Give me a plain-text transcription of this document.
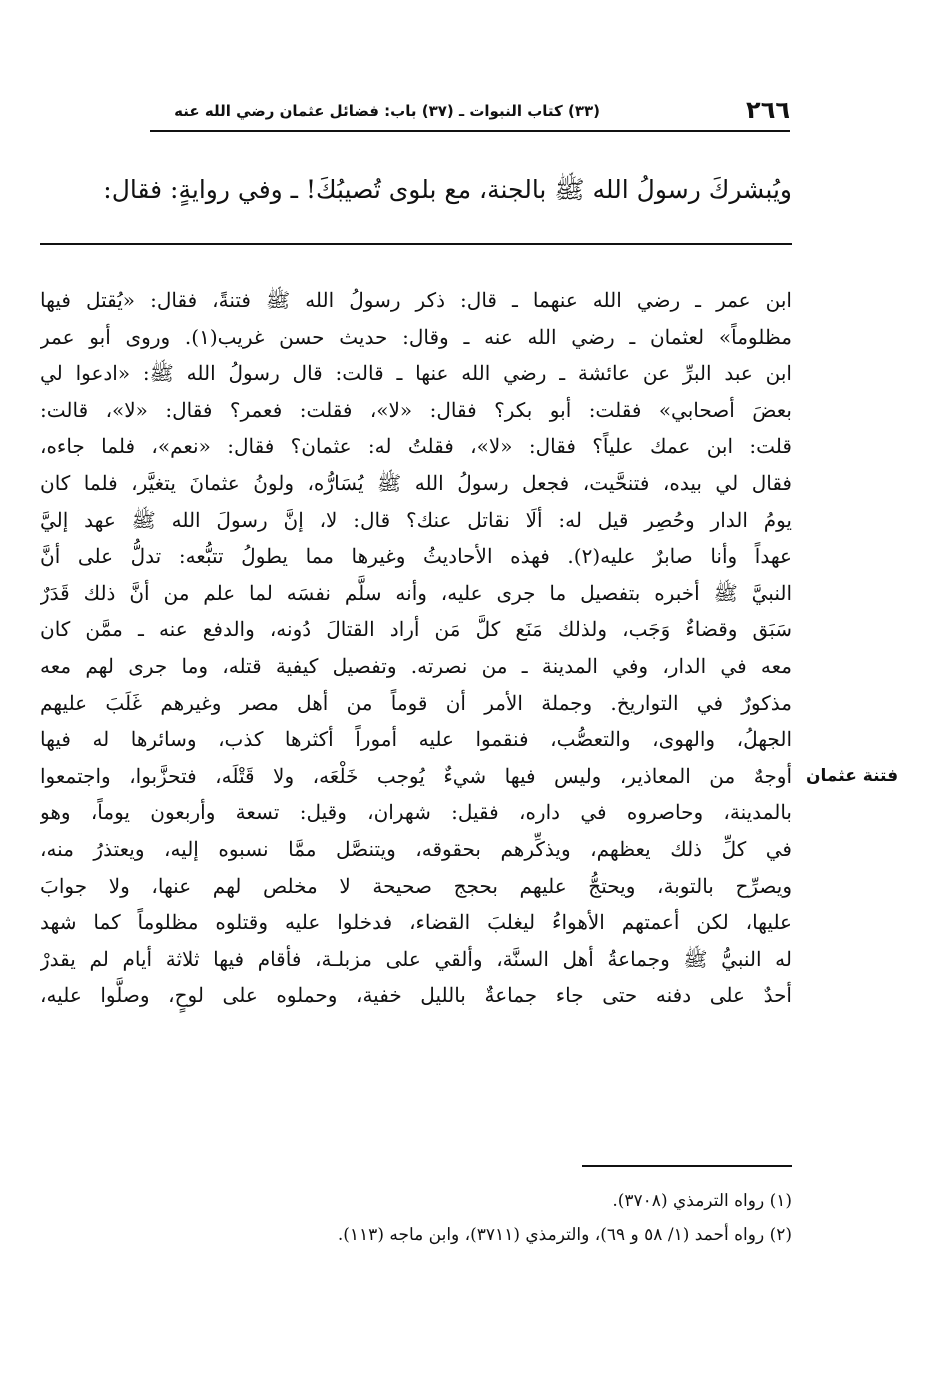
٢٦٦
(٣٣) كتاب النبوات ـ (٣٧) باب: فضائل عثمان رضي الله عنه
ويُبشركَ رسولُ الله ﷺ بالجنة، مع بلوى تُصيبُكَ! ـ وفي روايةٍ: فقال:
ابن عمر ـ رضي الله عنهما ـ قال: ذكر رسولُ الله ﷺ فتنةً، فقال: «يُقتل فيها
مظلوماً» لعثمان ـ رضي الله عنه ـ وقال: حديث حسن غريب(١). وروى أبو عمر
ابن عبد البرِّ عن عائشة ـ رضي الله عنها ـ قالت: قال رسولُ الله ﷺ: «ادعوا لي
بعضَ أصحابي» فقلت: أبو بكر؟ فقال: «لا»، فقلت: فعمر؟ فقال: «لا»، قالت:
قلت: ابن عمك علياً؟ فقال: «لا»، فقلتُ له: عثمان؟ فقال: «نعم»، فلما جاءه،
فقال لي بيده، فتنحَّيت، فجعل رسولُ الله ﷺ يُسَارُّه، ولونُ عثمانَ يتغيَّر، فلما كان
يومُ الدار وحُصِر قيل له: ألَا نقاتل عنك؟ قال: لا، إنَّ رسولَ الله ﷺ عهد إليَّ
عهداً وأنا صابرٌ عليه(٢). فهذه الأحاديثُ وغيرها مما يطولُ تتبُّعه: تدلُّ على أنَّ
النبيَّ ﷺ أخبره بتفصيل ما جرى عليه، وأنه سلَّم نفسَه لما علم من أنَّ ذلك قَدَرٌ
سَبَق وقضاءٌ وَجَب، ولذلك مَنَع كلَّ مَن أراد القتالَ دُونه، والدفع عنه ـ ممَّن كان
معه في الدار، وفي المدينة ـ من نصرته. وتفصيل كيفية قتله، وما جرى لهم معه
مذكورٌ في التواريخ. وجملة الأمر أن قوماً من أهل مصر وغيرهم غَلَبَ عليهم
الجهلُ، والهوى، والتعصُّب، فنقموا عليه أموراً أكثرها كذب، وسائرها له فيها
أوجهٌ من المعاذير، وليس فيها شيءٌ يُوجب خَلْعَه، ولا قَتْلَه، فتحزَّبوا، واجتمعوا
بالمدينة، وحاصروه في داره، فقيل: شهران، وقيل: تسعة وأربعون يوماً، وهو
في كلِّ ذلك يعظهم، ويذكِّرهم بحقوقه، ويتنصَّل ممَّا نسبوه إليه، ويعتذرُ منه،
ويصرِّح بالتوبة، ويحتجُّ عليهم بحجج صحيحة لا مخلص لهم عنها، ولا جوابَ
عليها، لكن أعمتهم الأهواءُ ليغلبَ القضاء، فدخلوا عليه وقتلوه مظلوماً كما شهد
له النبيُّ ﷺ وجماعةُ أهل السنَّة، وألقي على مزبلـة، فأقام فيها ثلاثة أيام لم يقدرْ
أحدٌ على دفنه حتى جاء جماعةٌ بالليل خفية، وحملوه على لوحٍ، وصلَّوا عليه،
فتنة عثمان
(١) رواه الترمذي (٣٧٠٨).
(٢) رواه أحمد (١/ ٥٨ و ٦٩)، والترمذي (٣٧١١)، وابن ماجه (١١٣).
